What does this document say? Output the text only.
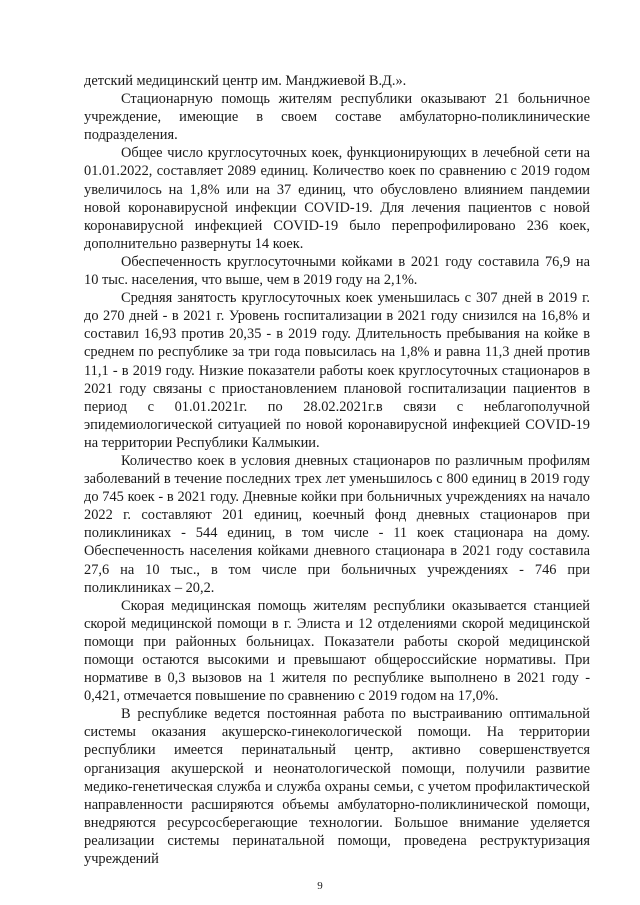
детский медицинский центр им. Манджиевой В.Д.».

Стационарную помощь жителям республики оказывают 21 больничное учреждение, имеющие в своем составе амбулаторно-поликлинические подразделения.

Общее число круглосуточных коек, функционирующих в лечебной сети на 01.01.2022, составляет 2089 единиц. Количество коек по сравнению с 2019 годом увеличилось на 1,8% или на 37 единиц, что обусловлено влиянием пандемии новой коронавирусной инфекции COVID-19. Для лечения пациентов с новой коронавирусной инфекцией COVID-19 было перепрофилировано 236 коек, дополнительно развернуты 14 коек.

Обеспеченность круглосуточными койками в 2021 году составила 76,9 на 10 тыс. населения, что выше, чем в 2019 году на 2,1%.

Средняя занятость круглосуточных коек уменьшилась с 307 дней в 2019 г. до 270 дней - в 2021 г. Уровень госпитализации в 2021 году снизился на 16,8% и составил 16,93 против 20,35 - в 2019 году. Длительность пребывания на койке в среднем по республике за три года повысилась на 1,8% и равна 11,3 дней против 11,1 - в 2019 году. Низкие показатели работы коек круглосуточных стационаров в 2021 году связаны с приостановлением плановой госпитализации пациентов в период с 01.01.2021г. по 28.02.2021г.в связи с неблагополучной эпидемиологической ситуацией по новой коронавирусной инфекцией COVID-19 на территории Республики Калмыкии.

Количество коек в условия дневных стационаров по различным профилям заболеваний в течение последних трех лет уменьшилось с 800 единиц в 2019 году до 745 коек - в 2021 году. Дневные койки при больничных учреждениях на начало 2022 г. составляют 201 единиц, коечный фонд дневных стационаров при поликлиниках - 544 единиц, в том числе - 11 коек стационара на дому. Обеспеченность населения койками дневного стационара в 2021 году составила 27,6 на 10 тыс., в том числе при больничных учреждениях - 746 при поликлиниках – 20,2.

Скорая медицинская помощь жителям республики оказывается станцией скорой медицинской помощи в г. Элиста и 12 отделениями скорой медицинской помощи при районных больницах. Показатели работы скорой медицинской помощи остаются высокими и превышают общероссийские нормативы. При нормативе в 0,3 вызовов на 1 жителя по республике выполнено в 2021 году - 0,421, отмечается повышение по сравнению с 2019 годом на 17,0%.

В республике ведется постоянная работа по выстраиванию оптимальной системы оказания акушерско-гинекологической помощи. На территории республики имеется перинатальный центр, активно совершенствуется организация акушерской и неонатологической помощи, получили развитие медико-генетическая служба и служба охраны семьи, с учетом профилактической направленности расширяются объемы амбулаторно-поликлинической помощи, внедряются ресурсосберегающие технологии. Большое внимание уделяется реализации системы перинатальной помощи, проведена реструктуризация учреждений

9
